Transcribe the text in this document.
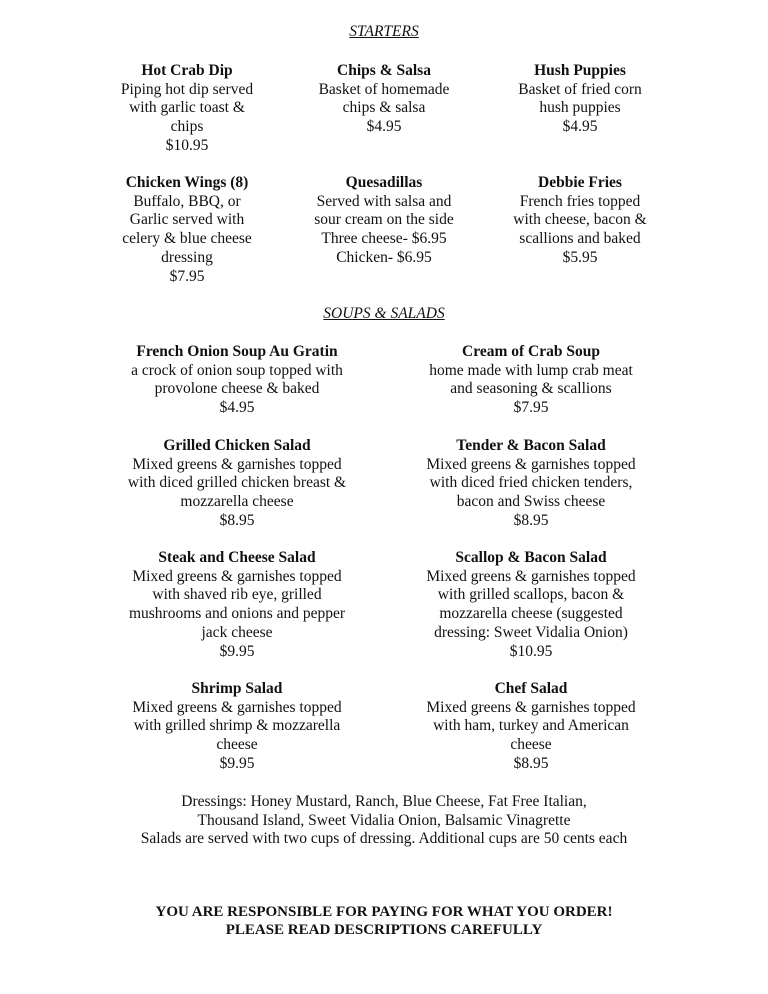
STARTERS
Hot Crab Dip
Piping hot dip served
with garlic toast &
chips
$10.95
Chips & Salsa
Basket of homemade
chips & salsa
$4.95
Hush Puppies
Basket of fried corn
hush puppies
$4.95
Chicken Wings (8)
Buffalo, BBQ, or
Garlic served with
celery & blue cheese
dressing
$7.95
Quesadillas
Served with salsa and
sour cream on the side
Three cheese- $6.95
Chicken- $6.95
Debbie Fries
French fries topped
with cheese, bacon &
scallions and baked
$5.95
SOUPS & SALADS
French Onion Soup Au Gratin
a crock of onion soup topped with
provolone cheese & baked
$4.95
Cream of Crab Soup
home made with lump crab meat
and seasoning & scallions
$7.95
Grilled Chicken Salad
Mixed greens & garnishes topped
with diced grilled chicken breast &
mozzarella cheese
$8.95
Tender & Bacon Salad
Mixed greens & garnishes topped
with diced fried chicken tenders,
bacon and Swiss cheese
$8.95
Steak and Cheese Salad
Mixed greens & garnishes topped
with shaved rib eye, grilled
mushrooms and onions and pepper
jack cheese
$9.95
Scallop & Bacon Salad
Mixed greens & garnishes topped
with grilled scallops, bacon &
mozzarella cheese (suggested
dressing: Sweet Vidalia Onion)
$10.95
Shrimp Salad
Mixed greens & garnishes topped
with grilled shrimp & mozzarella
cheese
$9.95
Chef Salad
Mixed greens & garnishes topped
with ham, turkey and American
cheese
$8.95
Dressings: Honey Mustard, Ranch, Blue Cheese, Fat Free Italian,
Thousand Island, Sweet Vidalia Onion, Balsamic Vinagrette
Salads are served with two cups of dressing. Additional cups are 50 cents each
YOU ARE RESPONSIBLE FOR PAYING FOR WHAT YOU ORDER!
PLEASE READ DESCRIPTIONS CAREFULLY
